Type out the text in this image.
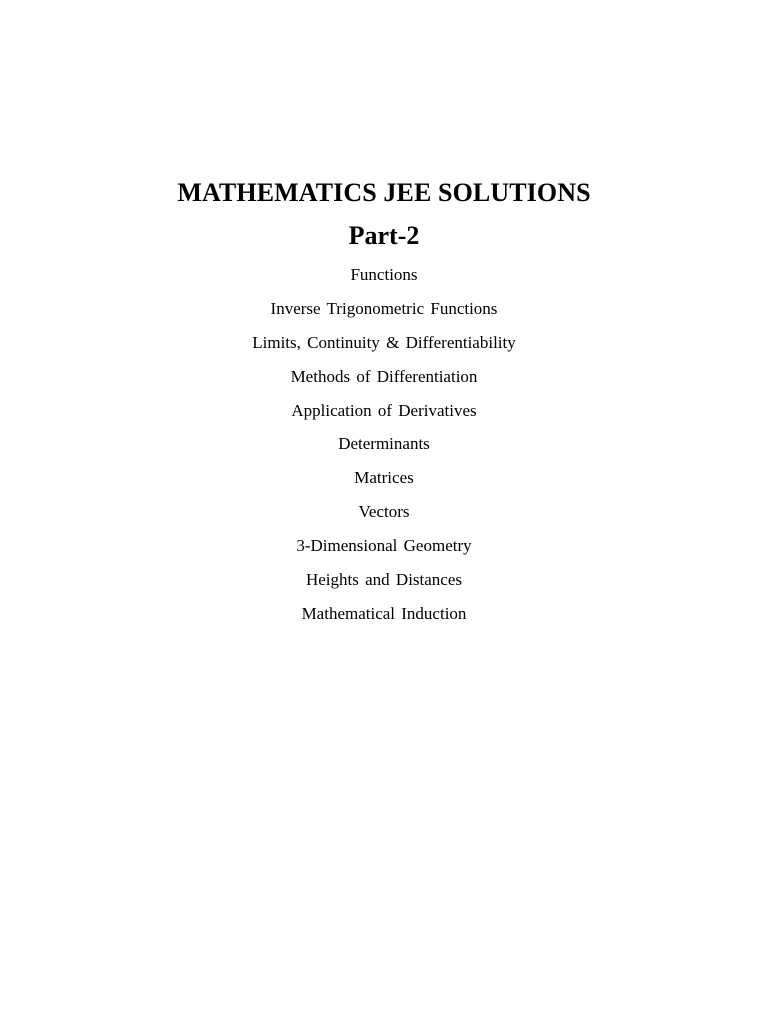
MATHEMATICS JEE SOLUTIONS
Part-2
Functions
Inverse Trigonometric Functions
Limits, Continuity & Differentiability
Methods of Differentiation
Application of Derivatives
Determinants
Matrices
Vectors
3-Dimensional Geometry
Heights and Distances
Mathematical Induction
